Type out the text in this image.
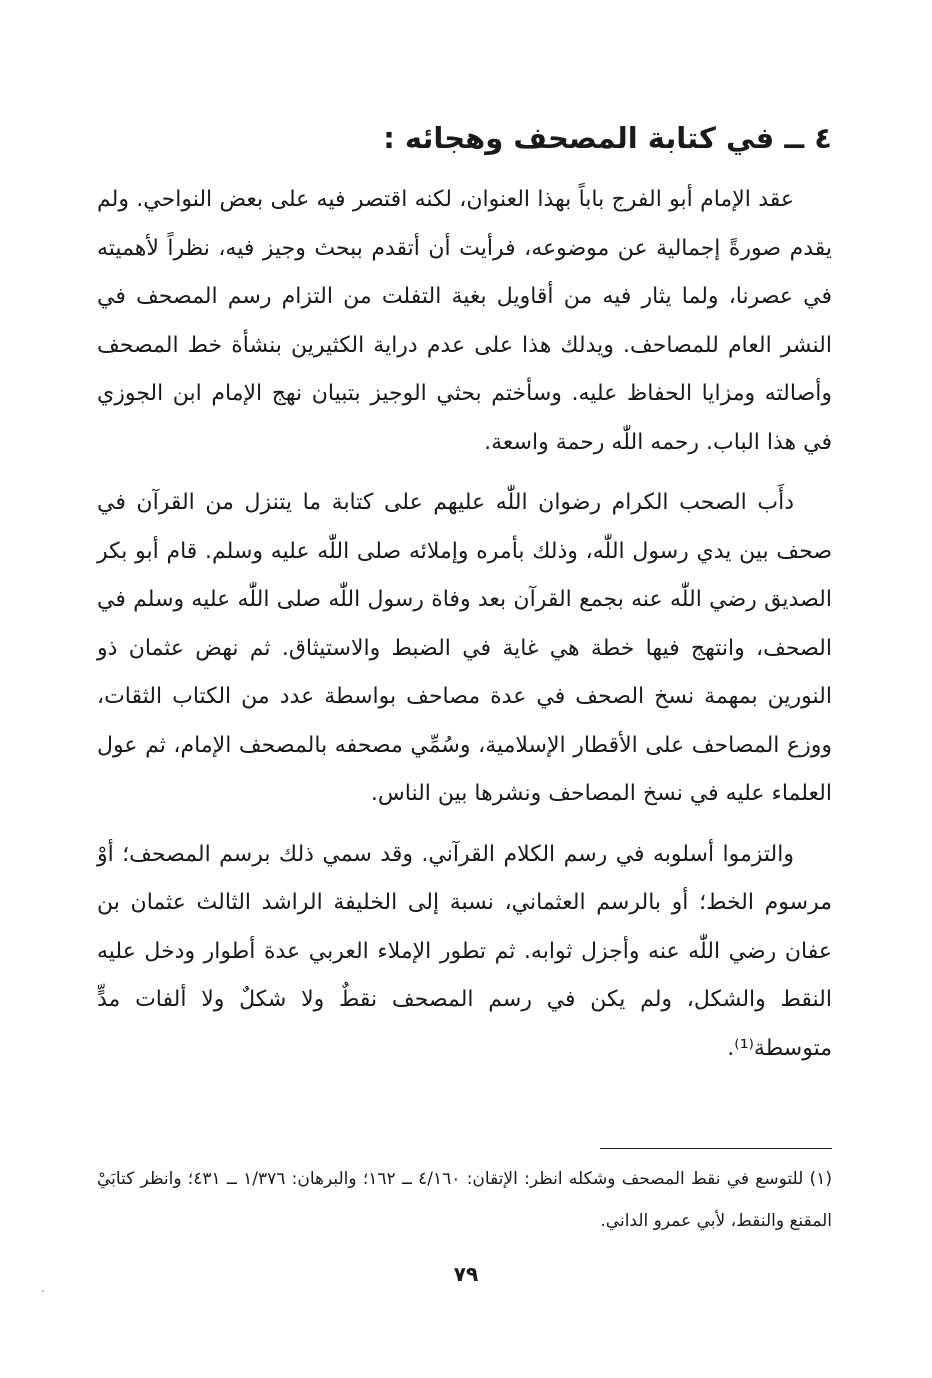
٤ ــ في كتابة المصحف وهجائه :

عقد الإمام أبو الفرج باباً بهذا العنوان، لكنه اقتصر فيه على بعض النواحي. ولم يقدم صورةً إجمالية عن موضوعه، فرأيت أن أتقدم ببحث وجيز فيه، نظراً لأهميته في عصرنا، ولما يثار فيه من أقاويل بغية التفلت من التزام رسم المصحف في النشر العام للمصاحف. ويدلك هذا على عدم دراية الكثيرين بنشأة خط المصحف وأصالته ومزايا الحفاظ عليه. وسأختم بحثي الوجيز بتبيان نهج الإمام ابن الجوزي في هذا الباب. رحمه اللّٰه رحمة واسعة.

دأَب الصحب الكرام رضوان اللّٰه عليهم على كتابة ما يتنزل من القرآن في صحف بين يدي رسول اللّٰه، وذلك بأمره وإملائه صلى اللّٰه عليه وسلم. قام أبو بكر الصديق رضي اللّٰه عنه بجمع القرآن بعد وفاة رسول اللّٰه صلى اللّٰه عليه وسلم في الصحف، وانتهج فيها خطة هي غاية في الضبط والاستيثاق. ثم نهض عثمان ذو النورين بمهمة نسخ الصحف في عدة مصاحف بواسطة عدد من الكتاب الثقات، ووزع المصاحف على الأقطار الإسلامية، وسُمِّي مصحفه بالمصحف الإمام، ثم عول العلماء عليه في نسخ المصاحف ونشرها بين الناس.

والتزموا أسلوبه في رسم الكلام القرآني. وقد سمي ذلك برسم المصحف؛ أوْ مرسوم الخط؛ أو بالرسم العثماني، نسبة إلى الخليفة الراشد الثالث عثمان بن عفان رضي اللّٰه عنه وأجزل ثوابه. ثم تطور الإملاء العربي عدة أطوار ودخل عليه النقط والشكل، ولم يكن في رسم المصحف نقطٌ ولا شكلٌ ولا ألفات مدٍّ متوسطة⁽¹⁾.

(١) للتوسع في نقط المصحف وشكله انظر: الإتقان: ٤/١٦٠ ــ ١٦٢؛ والبرهان: ١/٣٧٦ ــ ٤٣١؛ وانظر كتابَيْ المقنع والنقط، لأبي عمرو الداني.

٧٩
